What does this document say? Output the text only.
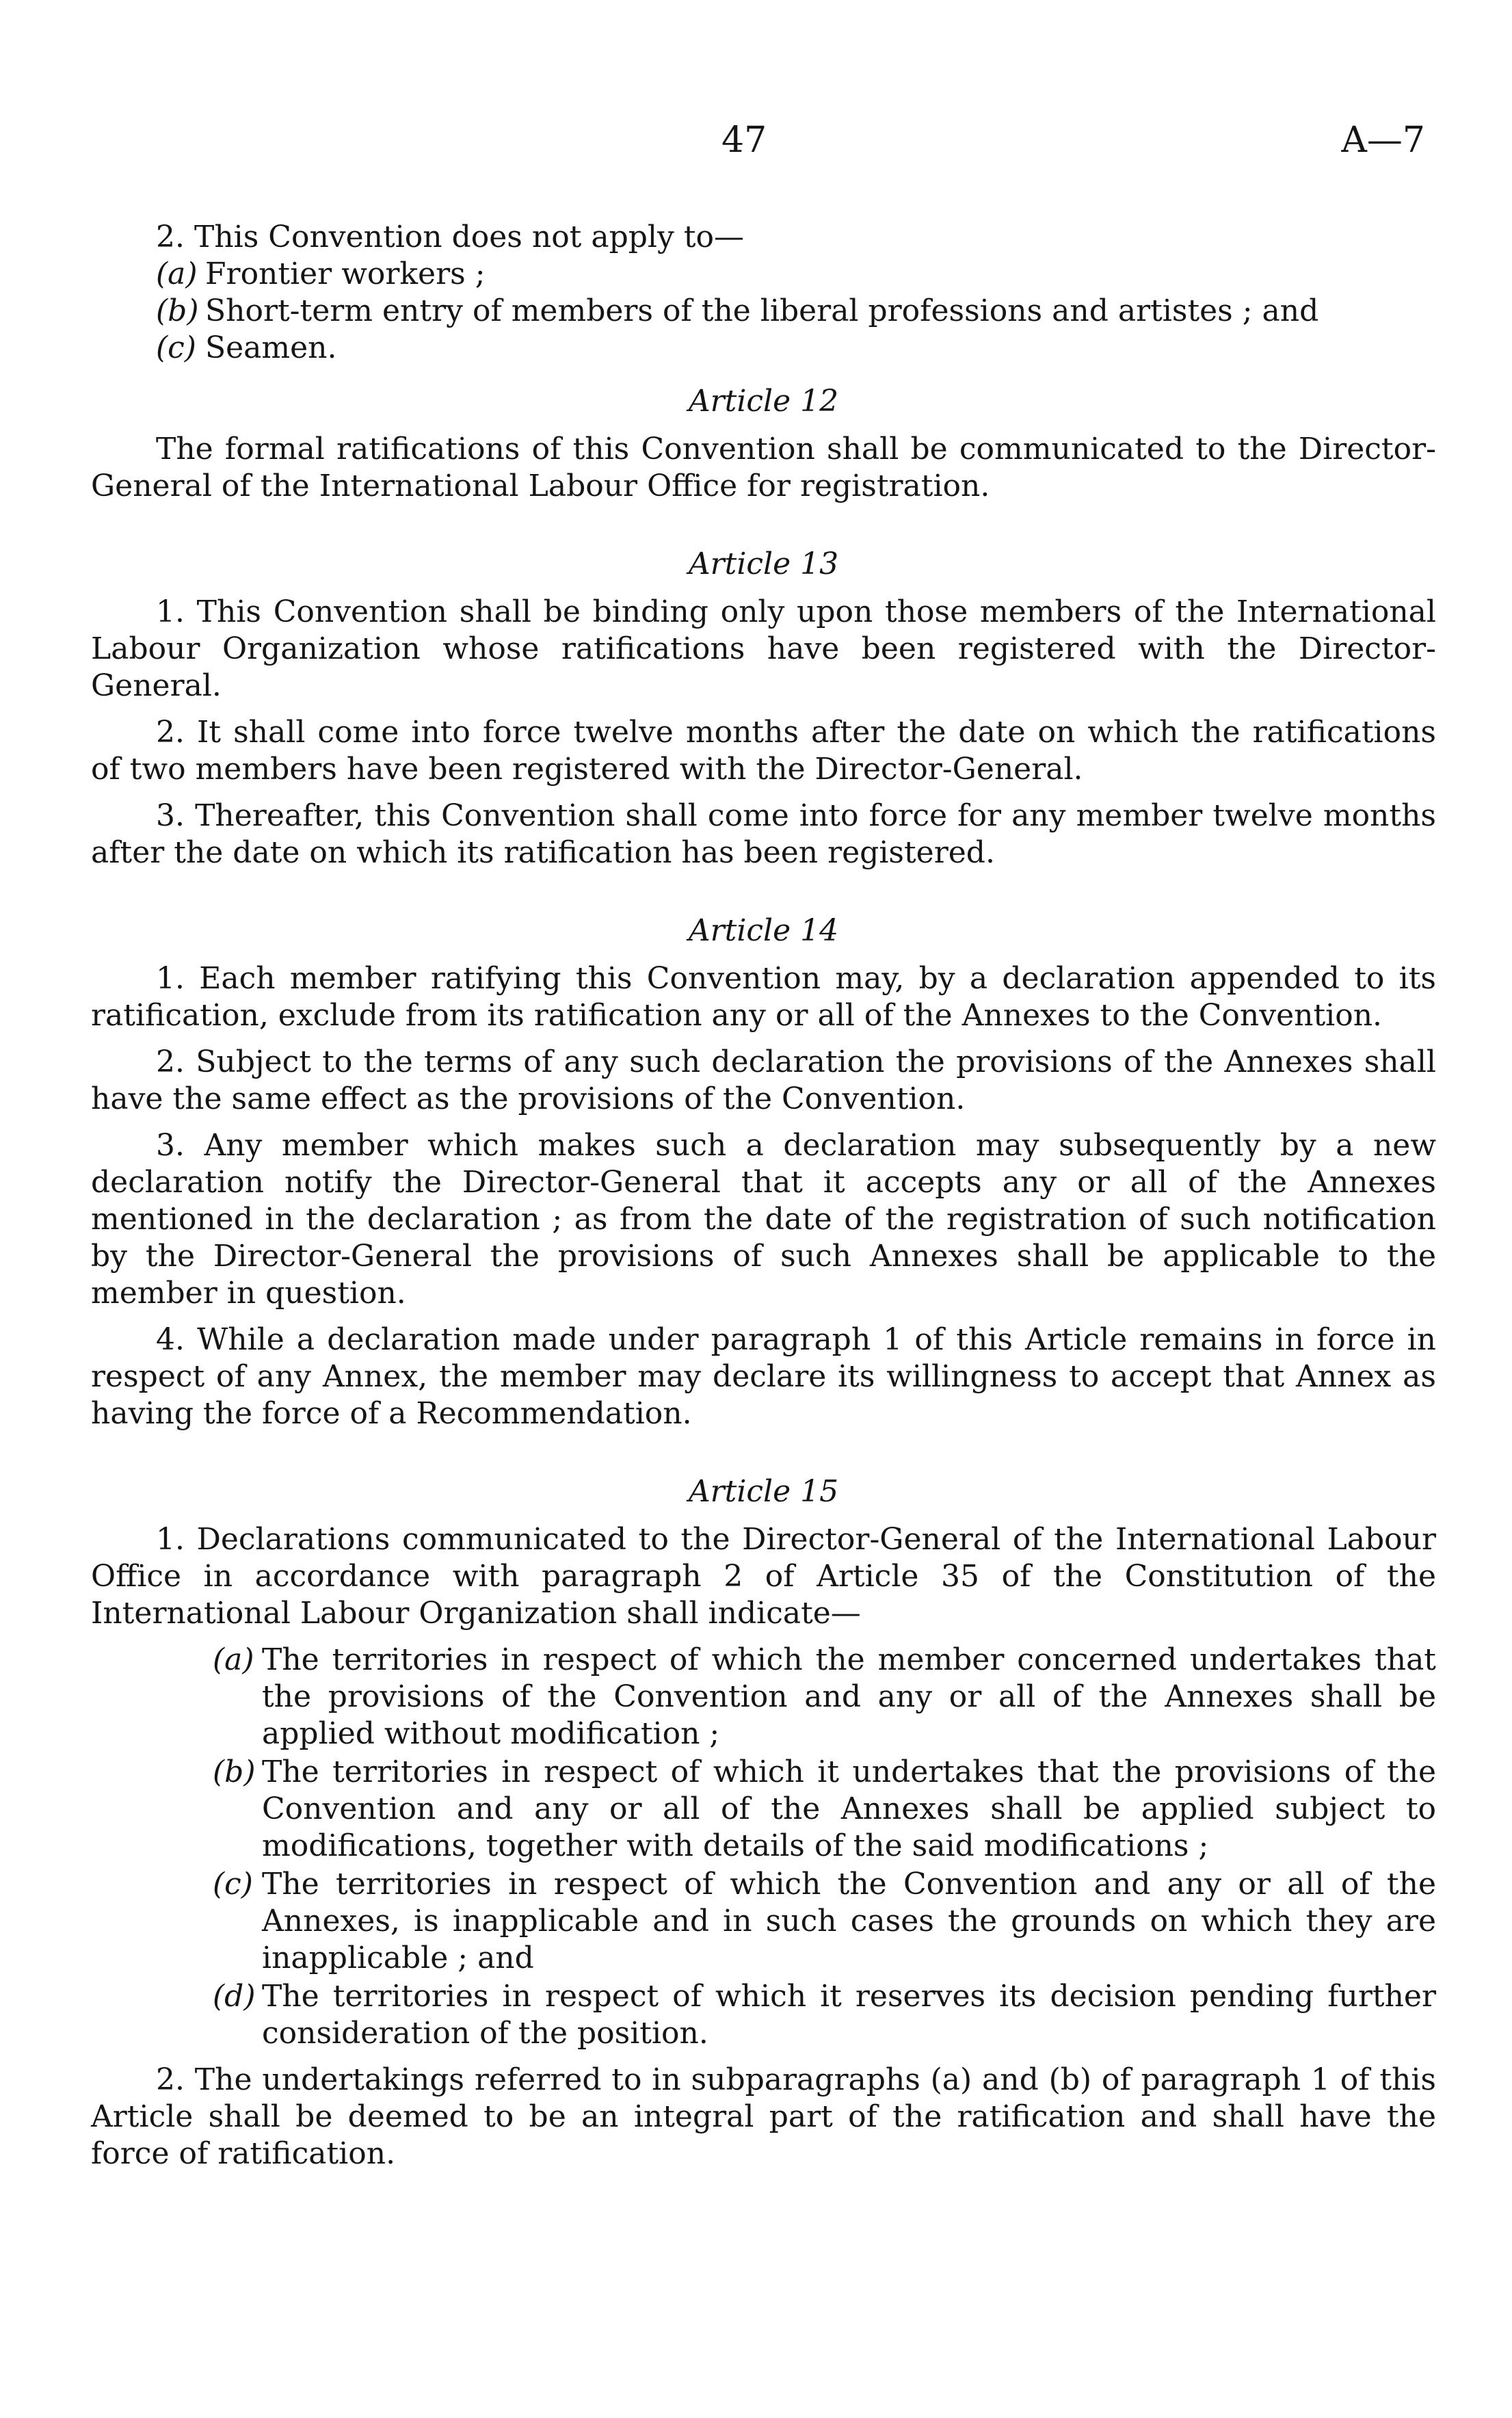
47	A—7

2. This Convention does not apply to—

(a) Frontier workers ;

(b) Short-term entry of members of the liberal professions and artistes ; and

(c) Seamen.

Article 12

The formal ratifications of this Convention shall be communicated to the Director-General of the International Labour Office for registration.

Article 13

1. This Convention shall be binding only upon those members of the International Labour Organization whose ratifications have been registered with the Director-General.

2. It shall come into force twelve months after the date on which the ratifications of two members have been registered with the Director-General.

3. Thereafter, this Convention shall come into force for any member twelve months after the date on which its ratification has been registered.

Article 14

1. Each member ratifying this Convention may, by a declaration appended to its ratification, exclude from its ratification any or all of the Annexes to the Convention.

2. Subject to the terms of any such declaration the provisions of the Annexes shall have the same effect as the provisions of the Convention.

3. Any member which makes such a declaration may subsequently by a new declaration notify the Director-General that it accepts any or all of the Annexes mentioned in the declaration ; as from the date of the registration of such notification by the Director-General the provisions of such Annexes shall be applicable to the member in question.

4. While a declaration made under paragraph 1 of this Article remains in force in respect of any Annex, the member may declare its willingness to accept that Annex as having the force of a Recommendation.

Article 15

1. Declarations communicated to the Director-General of the International Labour Office in accordance with paragraph 2 of Article 35 of the Constitution of the International Labour Organization shall indicate—

(a) The territories in respect of which the member concerned undertakes that the provisions of the Convention and any or all of the Annexes shall be applied without modification ;

(b) The territories in respect of which it undertakes that the provisions of the Convention and any or all of the Annexes shall be applied subject to modifications, together with details of the said modifications ;

(c) The territories in respect of which the Convention and any or all of the Annexes, is inapplicable and in such cases the grounds on which they are inapplicable ; and

(d) The territories in respect of which it reserves its decision pending further consideration of the position.

2. The undertakings referred to in subparagraphs (a) and (b) of paragraph 1 of this Article shall be deemed to be an integral part of the ratification and shall have the force of ratification.
